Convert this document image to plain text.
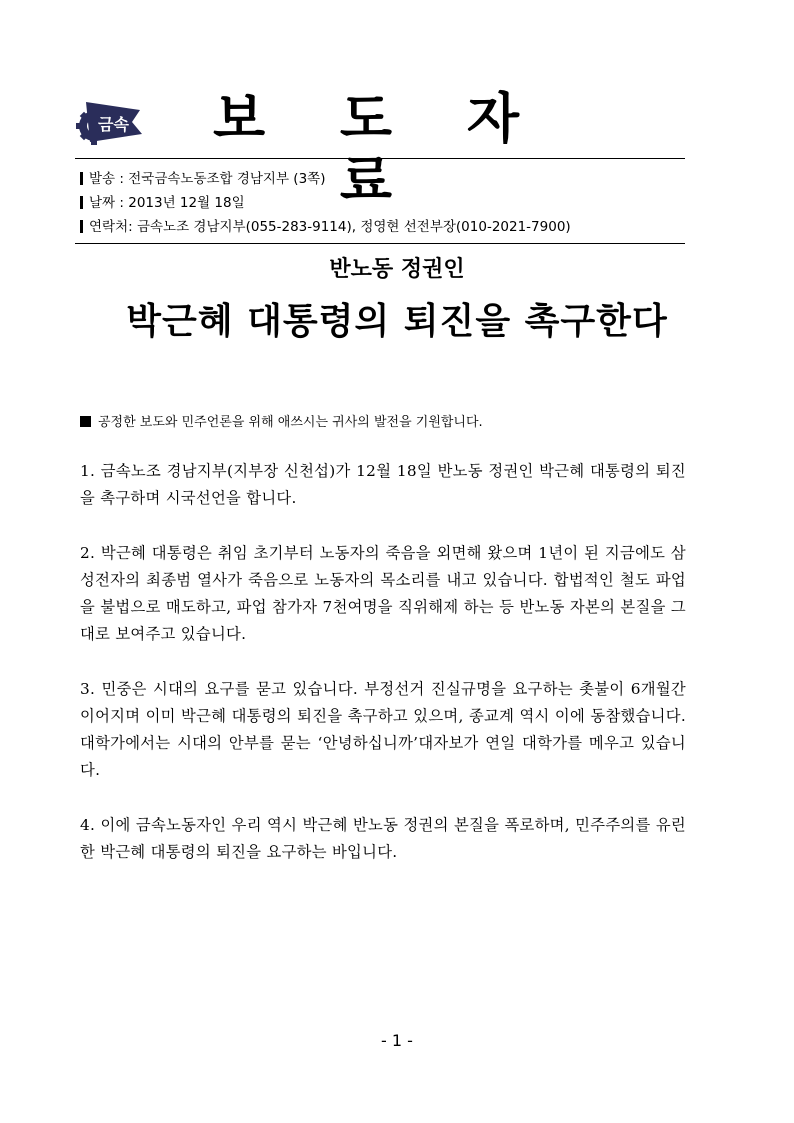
금속	보 도 자 료
발송 : 전국금속노동조합 경남지부 (3쪽)
날짜 : 2013년 12월 18일
연락처: 금속노조 경남지부(055-283-9114), 정영현 선전부장(010-2021-7900)
반노동 정권인
박근혜 대통령의 퇴진을 촉구한다
공정한 보도와 민주언론을 위해 애쓰시는 귀사의 발전을 기원합니다.

1. 금속노조 경남지부(지부장 신천섭)가 12월 18일 반노동 정권인 박근혜 대통령의 퇴진을 촉구하며 시국선언을 합니다.

2. 박근혜 대통령은 취임 초기부터 노동자의 죽음을 외면해 왔으며 1년이 된 지금에도 삼성전자의 최종범 열사가 죽음으로 노동자의 목소리를 내고 있습니다. 합법적인 철도 파업을 불법으로 매도하고, 파업 참가자 7천여명을 직위해제 하는 등 반노동 자본의 본질을 그대로 보여주고 있습니다.

3. 민중은 시대의 요구를 묻고 있습니다. 부정선거 진실규명을 요구하는 촛불이 6개월간 이어지며 이미 박근혜 대통령의 퇴진을 촉구하고 있으며, 종교계 역시 이에 동참했습니다. 대학가에서는 시대의 안부를 묻는 ‘안녕하십니까’대자보가 연일 대학가를 메우고 있습니다.

4. 이에 금속노동자인 우리 역시 박근혜 반노동 정권의 본질을 폭로하며, 민주주의를 유린한 박근혜 대통령의 퇴진을 요구하는 바입니다.

- 1 -
